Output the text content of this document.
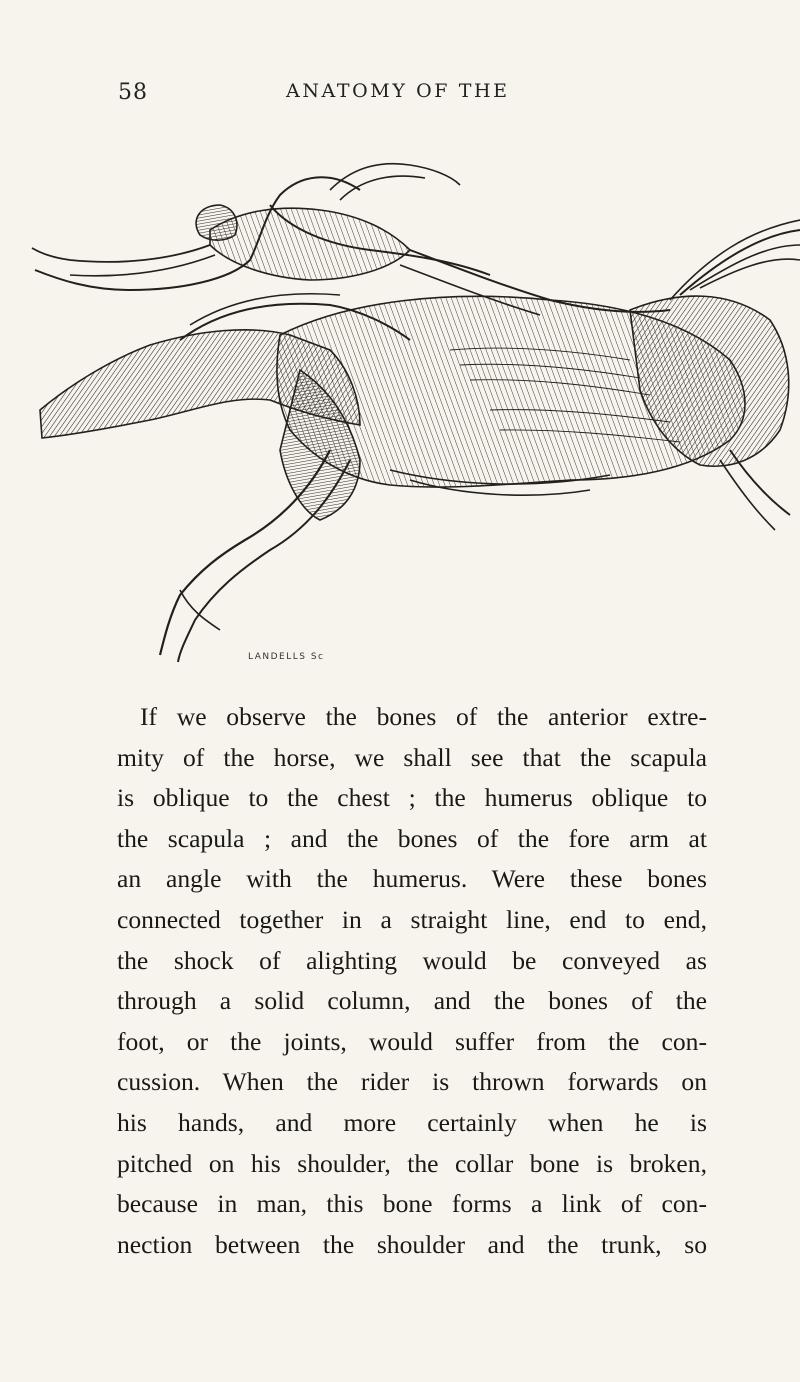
58	ANATOMY OF THE
LANDELLS Sc
If we observe the bones of the anterior extre-
mity of the horse, we shall see that the scapula
is oblique to the chest ; the humerus oblique to
the scapula ; and the bones of the fore arm at
an angle with the humerus. Were these bones
connected together in a straight line, end to end,
the shock of alighting would be conveyed as
through a solid column, and the bones of the
foot, or the joints, would suffer from the con-
cussion. When the rider is thrown forwards on
his hands, and more certainly when he is
pitched on his shoulder, the collar bone is broken,
because in man, this bone forms a link of con-
nection between the shoulder and the trunk, so
